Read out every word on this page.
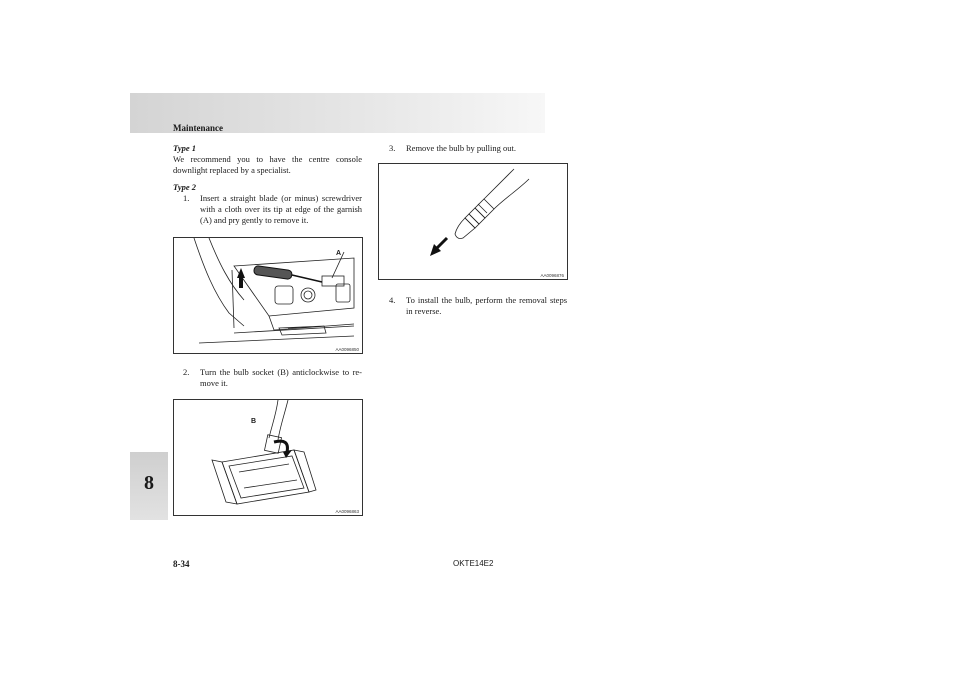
Maintenance
8

Type 1

We recommend you to have the centre console downlight replaced by a specialist.

Type 2

1. Insert a straight blade (or minus) screwdriver with a cloth over its tip at edge of the garnish (A) and pry gently to remove it.
A
AA0096850
2. Turn the bulb socket (B) anticlockwise to re-move it.
B
AA0096863
3. Remove the bulb by pulling out.
AA0096876
4. To install the bulb, perform the removal steps in reverse.
8-34	OKTE14E2
